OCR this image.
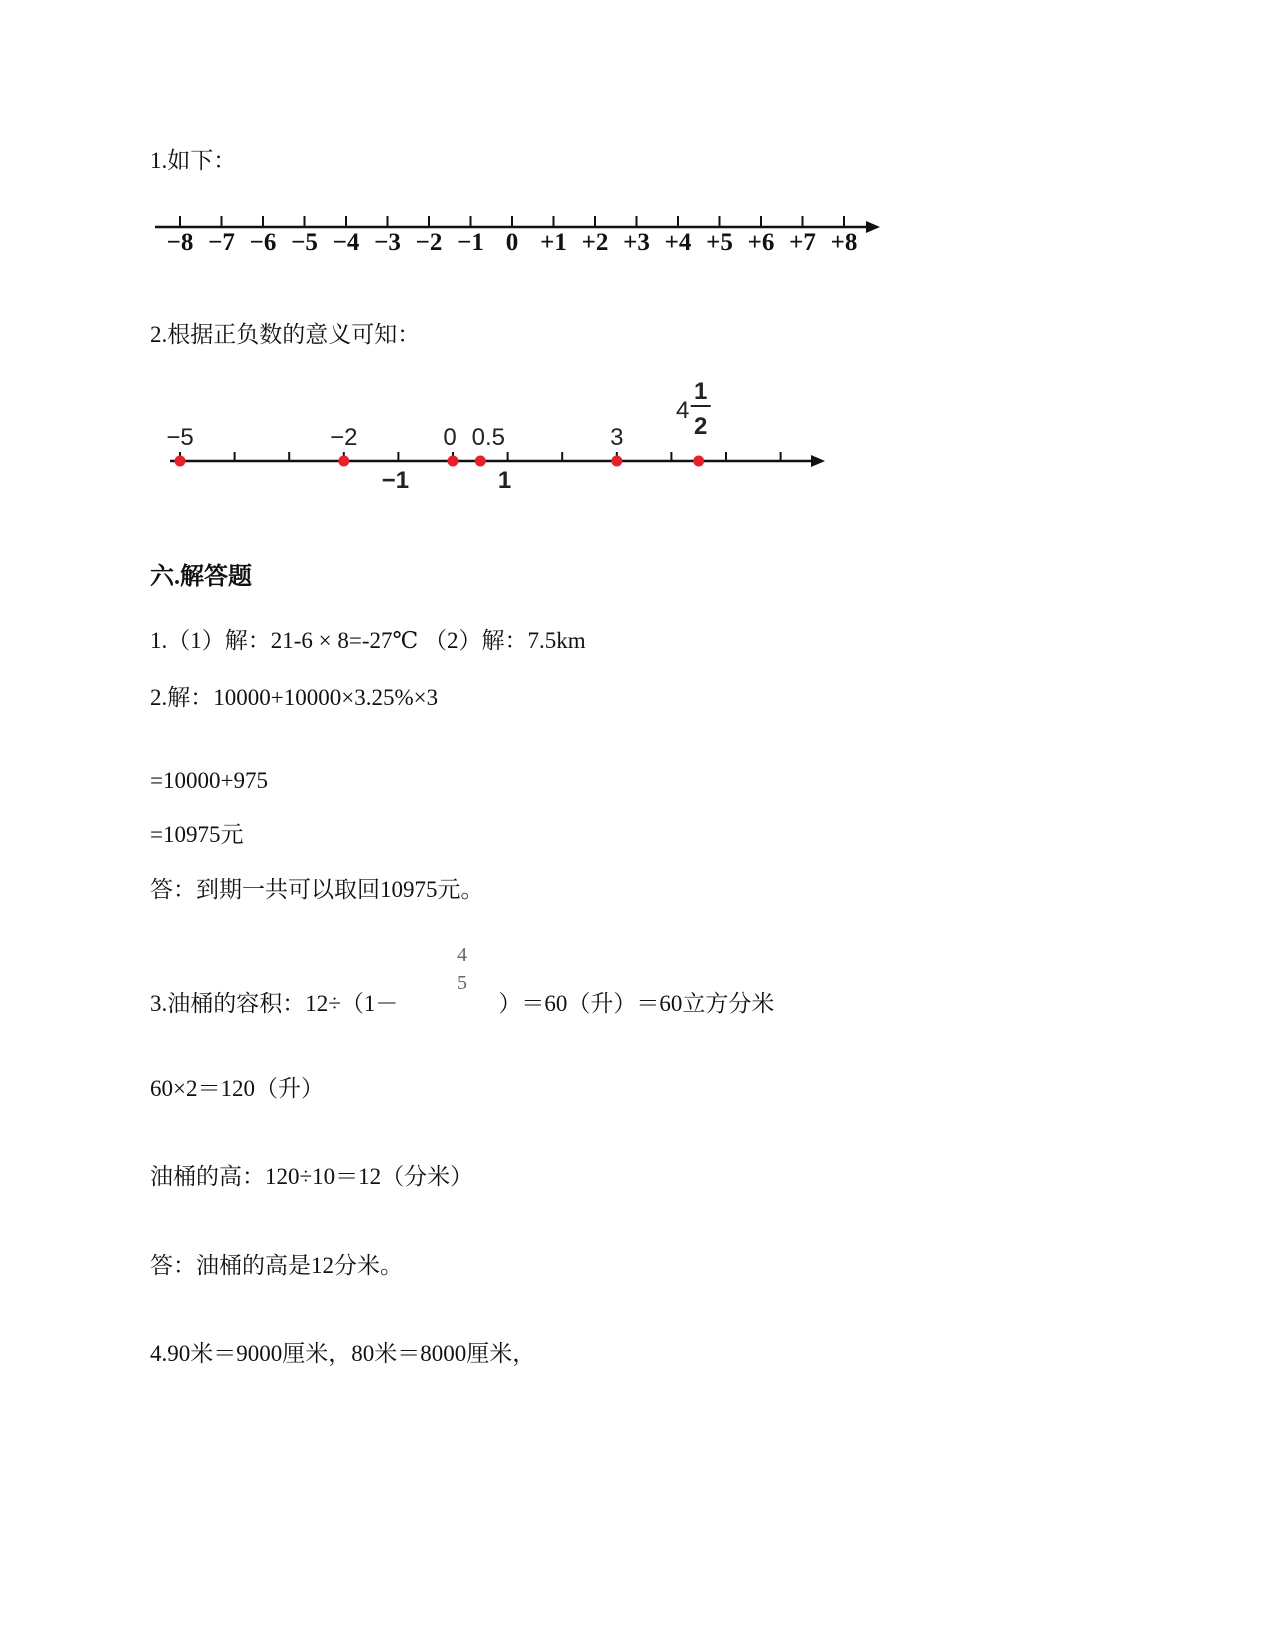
1.如下：
−8 −7 −6 −5 −4 −3 −2 −1 0 +1 +2 +3 +4 +5 +6 +7 +8
2.根据正负数的意义可知：
−5	−2	0 0.5	3
4
1
2
−1	1
六.解答题
1.（1）解：21-6 × 8=-27℃ （2）解：7.5km
2.解：10000+10000×3.25%×3
=10000+975
=10975元
答：到期一共可以取回10975元。
3.油桶的容积：12÷（1－	）＝60（升）＝60立方分米
4
5
60×2＝120（升）
油桶的高：120÷10＝12（分米）
答：油桶的高是12分米。
4.90米＝9000厘米，80米＝8000厘米，
